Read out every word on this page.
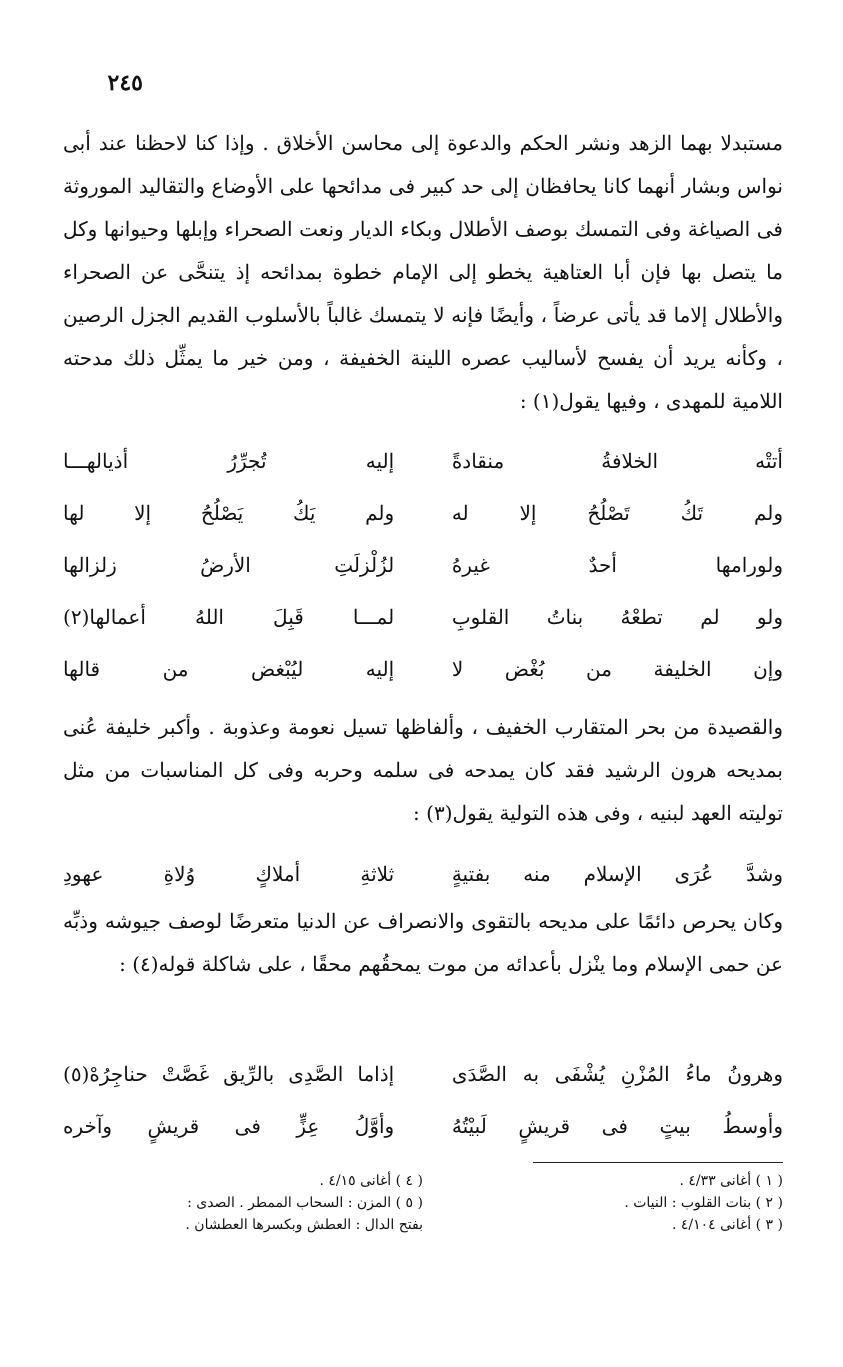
٢٤٥

مستبدلا بهما الزهد ونشر الحكم والدعوة إلى محاسن الأخلاق . وإذا كنا لاحظنا عند أبى نواس وبشار أنهما كانا يحافظان إلى حد كبير فى مدائحها على الأوضاع والتقاليد الموروثة فى الصياغة وفى التمسك بوصف الأطلال وبكاء الديار ونعت الصحراء وإبلها وحيوانها وكل ما يتصل بها فإن أبا العتاهية يخطو إلى الإمام خطوة بمدائحه إذ يتنحَّى عن الصحراء والأطلال إلاما قد يأتى عرضاً ، وأيضًا فإنه لا يتمسك غالباً بالأسلوب القديم الجزل الرصين ، وكأنه يريد أن يفسح لأساليب عصره اللينة الخفيفة ، ومن خير ما يمثِّل ذلك مدحته اللامية للمهدى ، وفيها يقول(١) :

أتتْه
الخلافةُ
منقادةً
إليه
تُجرِّرُ
أذيالهـــا
ولم
تَكُ
تَصْلُحُ
إلا
له
ولم
يَكُ
يَصْلُحُ
إلا
لها
ولورامها
أحدٌ
غيرهُ
لزُلْزلَتِ
الأرضُ
زلزالها
ولو
لم
تطعْهُ
بناتُ
القلوبِ
لمـــا
قَبِلَ
اللهُ
أعمالها(٢)
وإن
الخليفة
من
بُغْض
لا
إليه
ليُبْغض
من
قالها

والقصيدة من بحر المتقارب الخفيف ، وألفاظها تسيل نعومة وعذوبة . وأكبر خليفة عُنى بمديحه هرون الرشيد فقد كان يمدحه فى سلمه وحربه وفى كل المناسبات من مثل توليته العهد لبنيه ، وفى هذه التولية يقول(٣) :

وشدَّ
عُرَى
الإسلام
منه
بفتيةٍ
ثلاثةِ
أملاكٍ
وُلاةِ
عهودِ

وكان يحرص دائمًا على مديحه بالتقوى والانصراف عن الدنيا متعرضًا لوصف جيوشه وذبِّه عن حمى الإسلام وما ينْزل بأعدائه من موت يمحقُهم محقًا ، على شاكلة قوله(٤) :

وهرونُ
ماءُ
المُزْنِ
يُشْفَى
به
الصَّدَى
إذاما
الصَّدِى
بالرِّيق
غَصَّتْ
حناجِرُهْ(٥)
وأوسطُ
بيتٍ
فى
قريشٍ
لَبيْتُهُ
وأوَّلُ
عِزٍّ
فى
قريشٍ
وآخره
( ١ ) أغانى ٤/٣٣ .
( ٢ ) بنات القلوب : النيات .
( ٣ ) أغانى ٤/١٠٤ .
( ٤ ) أغانى ٤/١٥ .
( ٥ ) المزن : السحاب الممطر . الصدى :
بفتح الدال : العطش وبكسرها العطشان .
